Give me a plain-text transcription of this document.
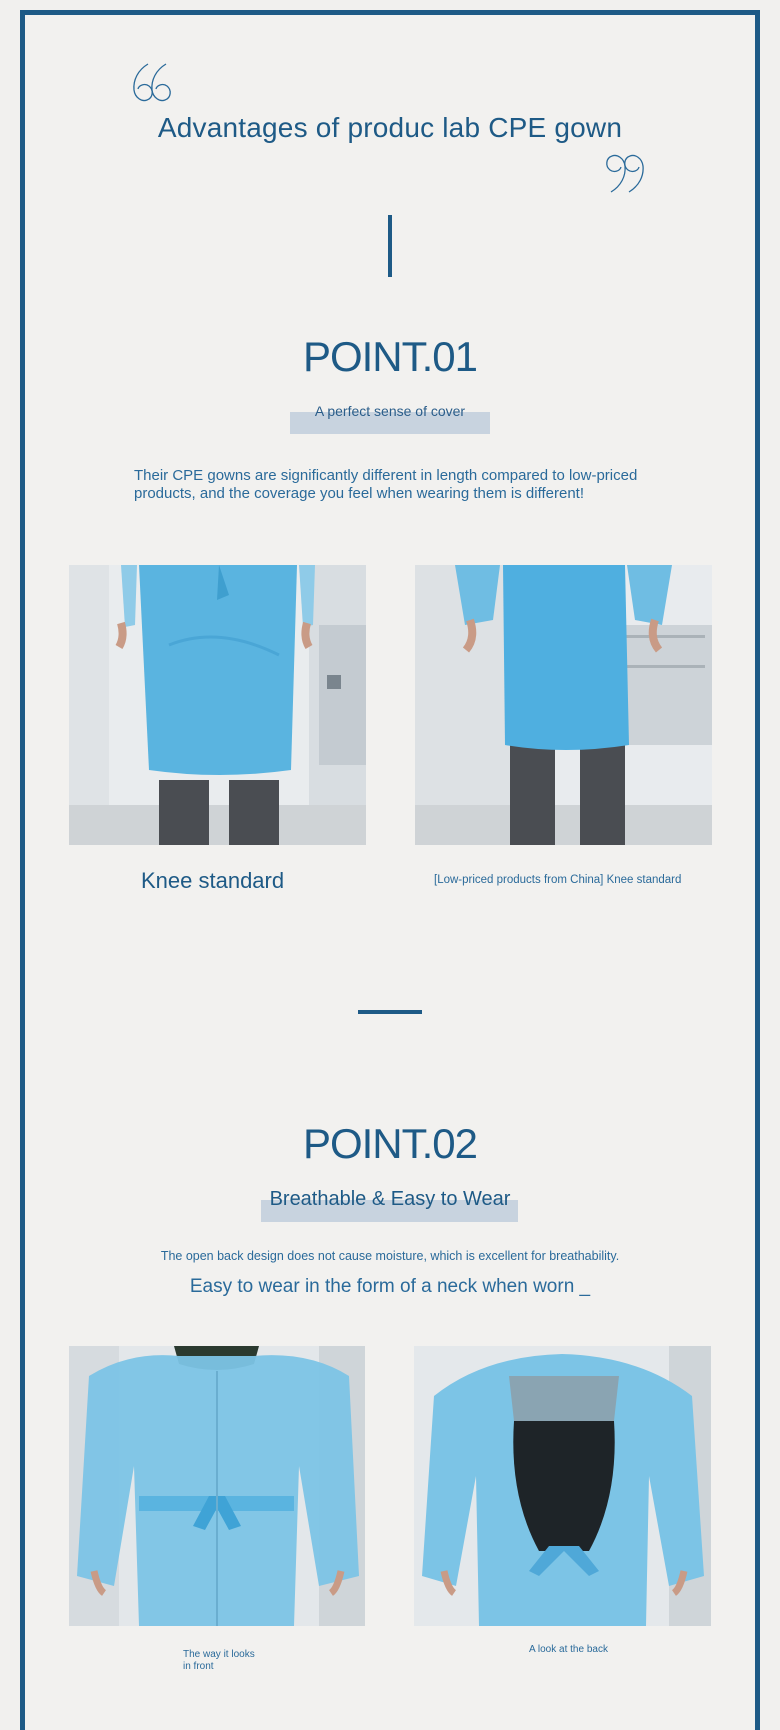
Advantages of produc lab CPE gown
POINT.01
A perfect sense of cover
Their CPE gowns are significantly different in length compared to low-priced products, and the coverage you feel when wearing them is different!
Knee standard	[Low-priced products from China] Knee standard
POINT.02
Breathable & Easy to Wear
The open back design does not cause moisture, which is excellent for breathability.
Easy to wear in the form of a neck when worn _
The way it looks in front
A look at the back
